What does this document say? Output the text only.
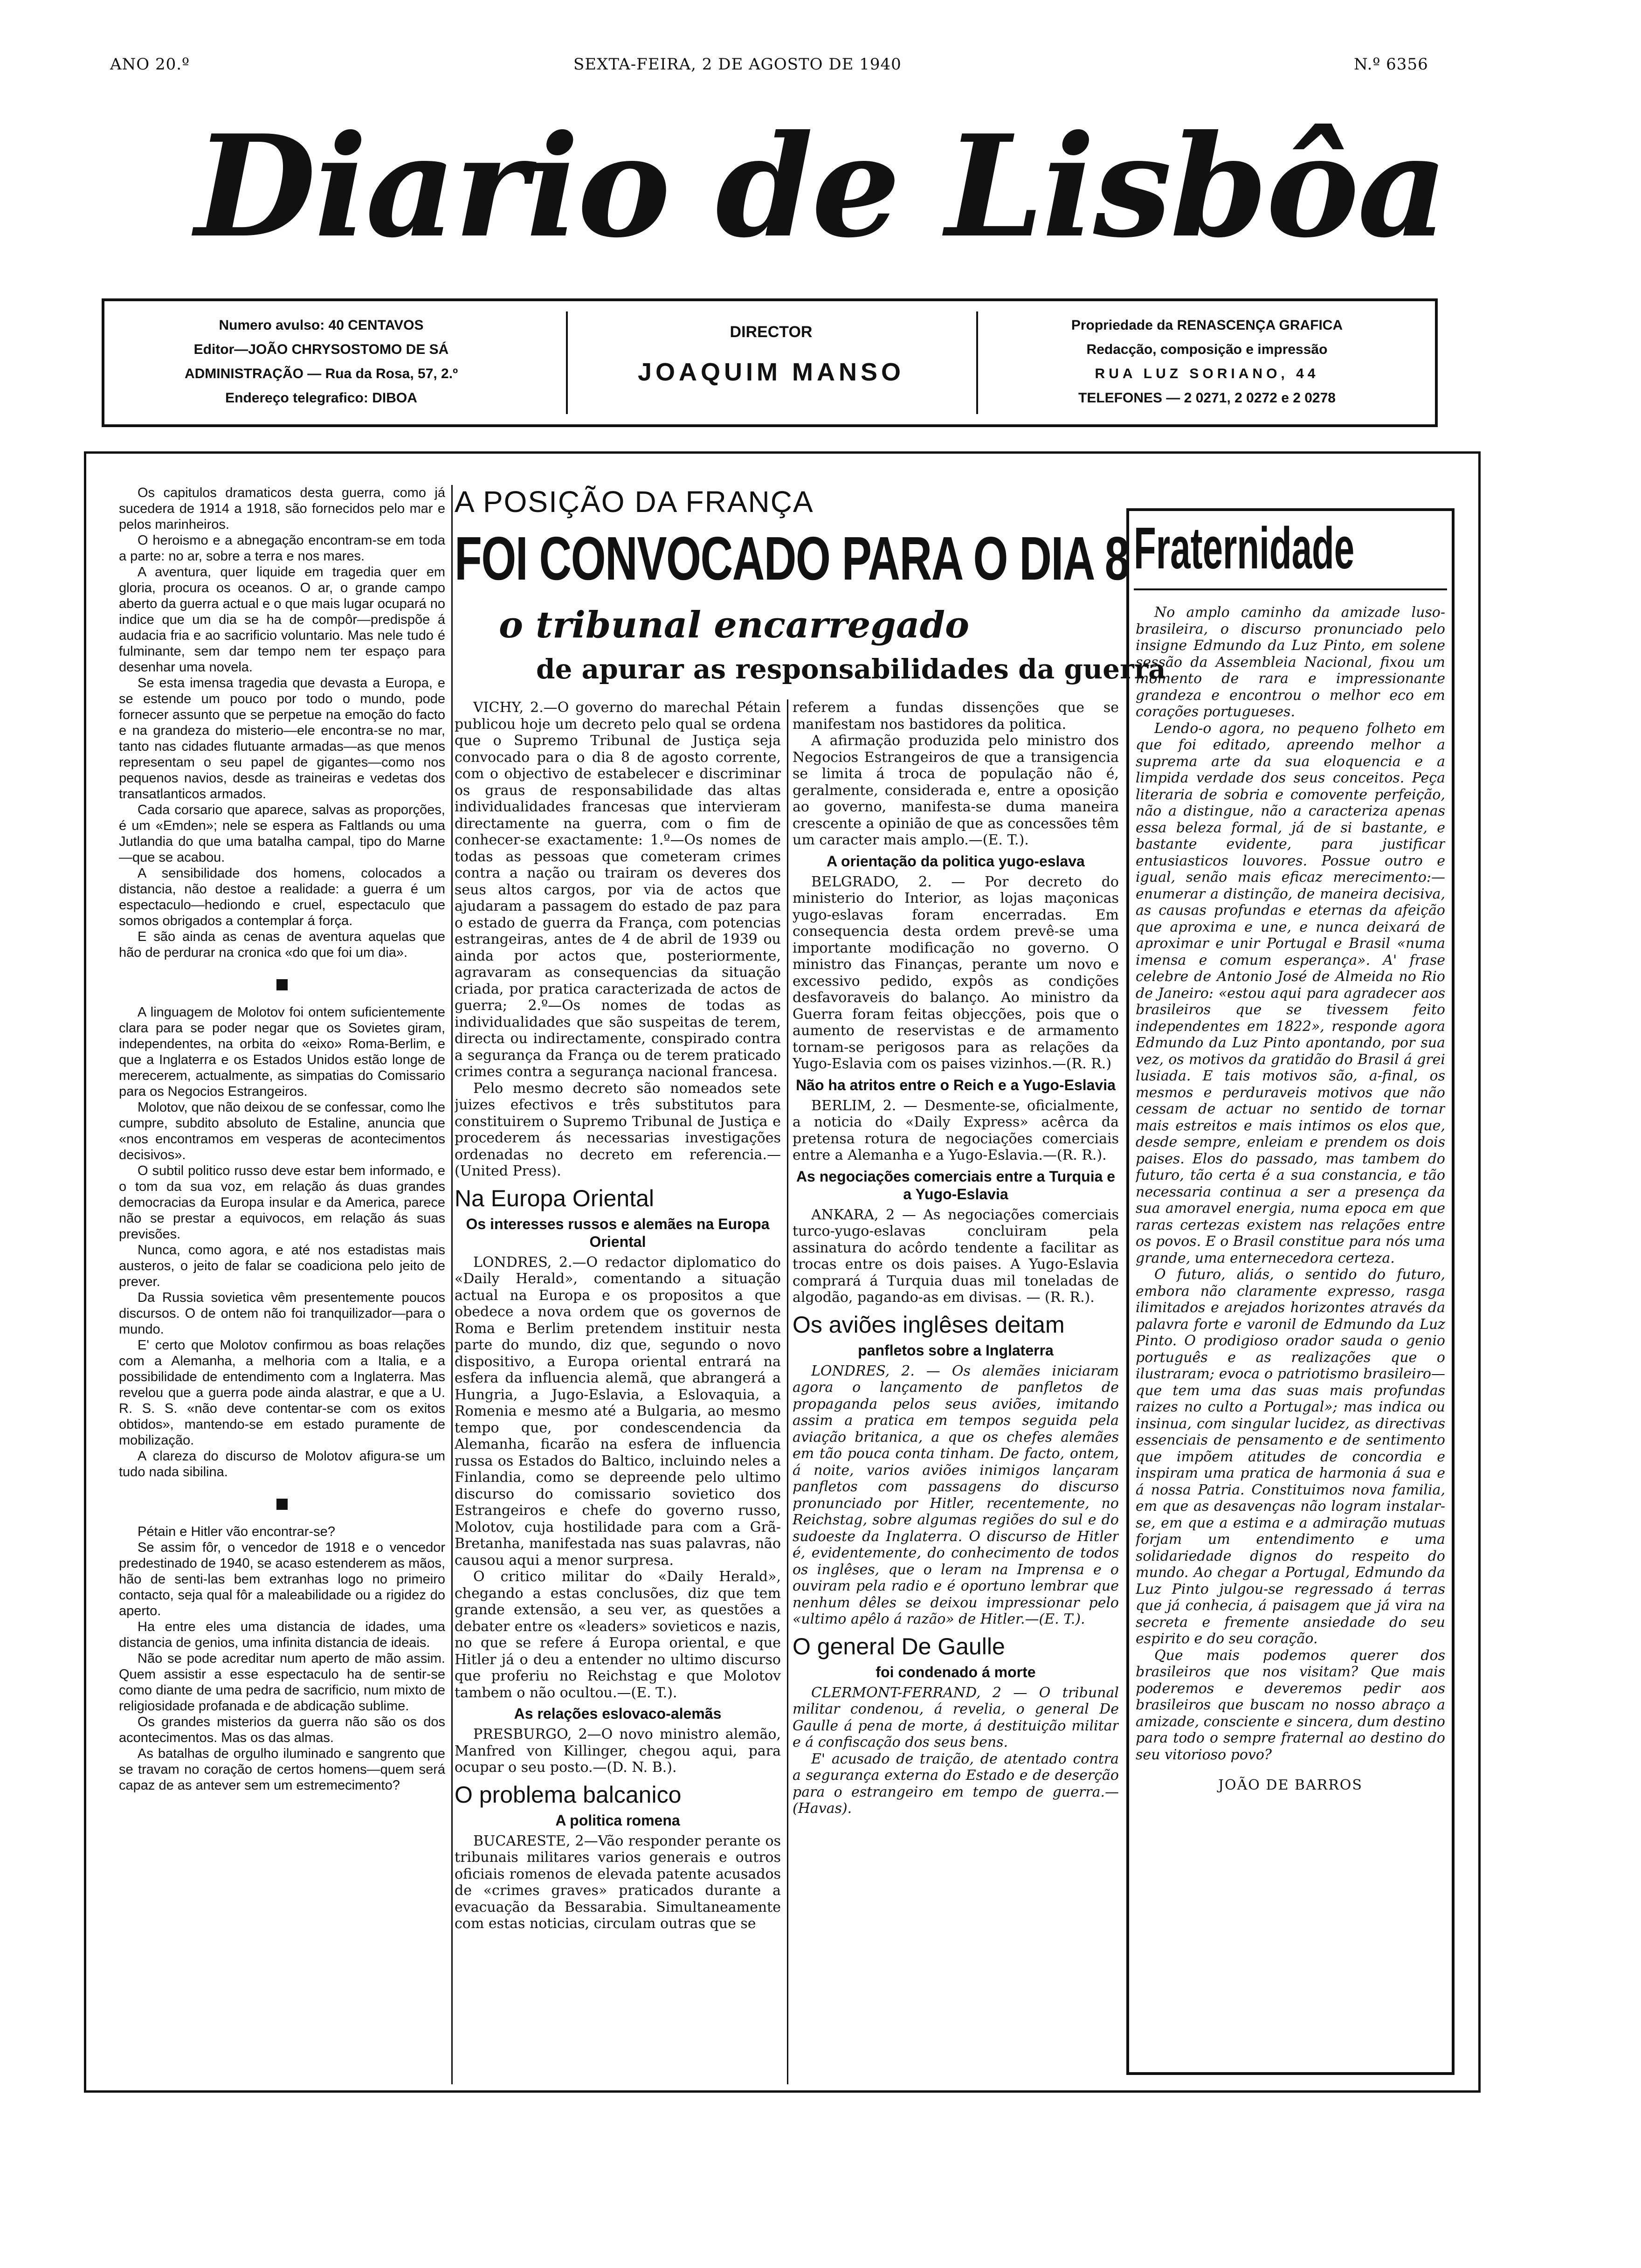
ANO 20.º	SEXTA-FEIRA, 2 DE AGOSTO DE 1940	N.º 6356
Diario de Lisbôa
Numero avulso: 40 CENTAVOS
Editor—JOÃO CHRYSOSTOMO DE SÁ
ADMINISTRAÇÃO — Rua da Rosa, 57, 2.º
Endereço telegrafico: DIBOA
DIRECTOR
JOAQUIM MANSO
Propriedade da RENASCENÇA GRAFICA
Redacção, composição e impressão
RUA LUZ SORIANO, 44
TELEFONES — 2 0271, 2 0272 e 2 0278

Os capitulos dramaticos desta guerra, como já sucedera de 1914 a 1918, são fornecidos pelo mar e pelos marinheiros.

O heroismo e a abnegação encontram-se em toda a parte: no ar, sobre a terra e nos mares.

A aventura, quer liquide em tragedia quer em gloria, procura os oceanos. O ar, o grande campo aberto da guerra actual e o que mais lugar ocupará no indice que um dia se ha de compôr—predispõe á audacia fria e ao sacrificio voluntario. Mas nele tudo é fulminante, sem dar tempo nem ter espaço para desenhar uma novela.

Se esta imensa tragedia que devasta a Europa, e se estende um pouco por todo o mundo, pode fornecer assunto que se perpetue na emoção do facto e na grandeza do misterio—ele encontra-se no mar, tanto nas cidades flutuante armadas—as que menos representam o seu papel de gigantes—como nos pequenos navios, desde as traineiras e vedetas dos transatlanticos armados.

Cada corsario que aparece, salvas as proporções, é um «Emden»; nele se espera as Faltlands ou uma Jutlandia do que uma batalha campal, tipo do Marne—que se acabou.

A sensibilidade dos homens, colocados a distancia, não destoe a realidade: a guerra é um espectaculo—hediondo e cruel, espectaculo que somos obrigados a contemplar á força.

E são ainda as cenas de aventura aquelas que hão de perdurar na cronica «do que foi um dia».

A linguagem de Molotov foi ontem suficientemente clara para se poder negar que os Sovietes giram, independentes, na orbita do «eixo» Roma-Berlim, e que a Inglaterra e os Estados Unidos estão longe de merecerem, actualmente, as simpatias do Comissario para os Negocios Estrangeiros.

Molotov, que não deixou de se confessar, como lhe cumpre, subdito absoluto de Estaline, anuncia que «nos encontramos em vesperas de acontecimentos decisivos».

O subtil politico russo deve estar bem informado, e o tom da sua voz, em relação ás duas grandes democracias da Europa insular e da America, parece não se prestar a equivocos, em relação ás suas previsões.

Nunca, como agora, e até nos estadistas mais austeros, o jeito de falar se coadiciona pelo jeito de prever.

Da Russia sovietica vêm presentemente poucos discursos. O de ontem não foi tranquilizador—para o mundo.

E' certo que Molotov confirmou as boas relações com a Alemanha, a melhoria com a Italia, e a possibilidade de entendimento com a Inglaterra. Mas revelou que a guerra pode ainda alastrar, e que a U. R. S. S. «não deve contentar-se com os exitos obtidos», mantendo-se em estado puramente de mobilização.

A clareza do discurso de Molotov afigura-se um tudo nada sibilina.

Pétain e Hitler vão encontrar-se?

Se assim fôr, o vencedor de 1918 e o vencedor predestinado de 1940, se acaso estenderem as mãos, hão de senti-las bem extranhas logo no primeiro contacto, seja qual fôr a maleabilidade ou a rigidez do aperto.

Ha entre eles uma distancia de idades, uma distancia de genios, uma infinita distancia de ideais.

Não se pode acreditar num aperto de mão assim. Quem assistir a esse espectaculo ha de sentir-se como diante de uma pedra de sacrificio, num mixto de religiosidade profanada e de abdicação sublime.

Os grandes misterios da guerra não são os dos acontecimentos. Mas os das almas.

As batalhas de orgulho iluminado e sangrento que se travam no coração de certos homens—quem será capaz de as antever sem um estremecimento?

A POSIÇÃO DA FRANÇA
FOI CONVOCADO PARA O DIA 8
o tribunal encarregado
de apurar as responsabilidades da guerra

VICHY, 2.—O governo do marechal Pétain publicou hoje um decreto pelo qual se ordena que o Supremo Tribunal de Justiça seja convocado para o dia 8 de agosto corrente, com o objectivo de estabelecer e discriminar os graus de responsabilidade das altas individualidades francesas que intervieram directamente na guerra, com o fim de conhecer-se exactamente: 1.º—Os nomes de todas as pessoas que cometeram crimes contra a nação ou trairam os deveres dos seus altos cargos, por via de actos que ajudaram a passagem do estado de paz para o estado de guerra da França, com potencias estrangeiras, antes de 4 de abril de 1939 ou ainda por actos que, posteriormente, agravaram as consequencias da situação criada, por pratica caracterizada de actos de guerra; 2.º—Os nomes de todas as individualidades que são suspeitas de terem, directa ou indirectamente, conspirado contra a segurança da França ou de terem praticado crimes contra a segurança nacional francesa.

Pelo mesmo decreto são nomeados sete juizes efectivos e três substitutos para constituirem o Supremo Tribunal de Justiça e procederem ás necessarias investigações ordenadas no decreto em referencia.—(United Press).

Na Europa Oriental
Os interesses russos e alemães na Europa Oriental

LONDRES, 2.—O redactor diplomatico do «Daily Herald», comentando a situação actual na Europa e os propositos a que obedece a nova ordem que os governos de Roma e Berlim pretendem instituir nesta parte do mundo, diz que, segundo o novo dispositivo, a Europa oriental entrará na esfera da influencia alemã, que abrangerá a Hungria, a Jugo-Eslavia, a Eslovaquia, a Romenia e mesmo até a Bulgaria, ao mesmo tempo que, por condescendencia da Alemanha, ficarão na esfera de influencia russa os Estados do Baltico, incluindo neles a Finlandia, como se depreende pelo ultimo discurso do comissario sovietico dos Estrangeiros e chefe do governo russo, Molotov, cuja hostilidade para com a Grã-Bretanha, manifestada nas suas palavras, não causou aqui a menor surpresa.

O critico militar do «Daily Herald», chegando a estas conclusões, diz que tem grande extensão, a seu ver, as questões a debater entre os «leaders» sovieticos e nazis, no que se refere á Europa oriental, e que Hitler já o deu a entender no ultimo discurso que proferiu no Reichstag e que Molotov tambem o não ocultou.—(E. T.).

As relações eslovaco-alemãs

PRESBURGO, 2—O novo ministro alemão, Manfred von Killinger, chegou aqui, para ocupar o seu posto.—(D. N. B.).

O problema balcanico
A politica romena

BUCARESTE, 2—Vão responder perante os tribunais militares varios generais e outros oficiais romenos de elevada patente acusados de «crimes graves» praticados durante a evacuação da Bessarabia. Simultaneamente com estas noticias, circulam outras que se

referem a fundas dissenções que se manifestam nos bastidores da politica.

A afirmação produzida pelo ministro dos Negocios Estrangeiros de que a transigencia se limita á troca de população não é, geralmente, considerada e, entre a oposição ao governo, manifesta-se duma maneira crescente a opinião de que as concessões têm um caracter mais amplo.—(E. T.).

A orientação da politica yugo-eslava

BELGRADO, 2. — Por decreto do ministerio do Interior, as lojas maçonicas yugo-eslavas foram encerradas. Em consequencia desta ordem prevê-se uma importante modificação no governo. O ministro das Finanças, perante um novo e excessivo pedido, expôs as condições desfavoraveis do balanço. Ao ministro da Guerra foram feitas objecções, pois que o aumento de reservistas e de armamento tornam-se perigosos para as relações da Yugo-Eslavia com os paises vizinhos.—(R. R.)

Não ha atritos entre o Reich e a Yugo-Eslavia

BERLIM, 2. — Desmente-se, oficialmente, a noticia do «Daily Express» acêrca da pretensa rotura de negociações comerciais entre a Alemanha e a Yugo-Eslavia.—(R. R.).

As negociações comerciais entre a Turquia e a Yugo-Eslavia

ANKARA, 2 — As negociações comerciais turco-yugo-eslavas concluiram pela assinatura do acôrdo tendente a facilitar as trocas entre os dois paises. A Yugo-Eslavia comprará á Turquia duas mil toneladas de algodão, pagando-as em divisas. — (R. R.).

Os aviões inglêses deitam
panfletos sobre a Inglaterra

LONDRES, 2. — Os alemães iniciaram agora o lançamento de panfletos de propaganda pelos seus aviões, imitando assim a pratica em tempos seguida pela aviação britanica, a que os chefes alemães em tão pouca conta tinham. De facto, ontem, á noite, varios aviões inimigos lançaram panfletos com passagens do discurso pronunciado por Hitler, recentemente, no Reichstag, sobre algumas regiões do sul e do sudoeste da Inglaterra. O discurso de Hitler é, evidentemente, do conhecimento de todos os inglêses, que o leram na Imprensa e o ouviram pela radio e é oportuno lembrar que nenhum dêles se deixou impressionar pelo «ultimo apêlo á razão» de Hitler.—(E. T.).

O general De Gaulle
foi condenado á morte

CLERMONT-FERRAND, 2 — O tribunal militar condenou, á revelia, o general De Gaulle á pena de morte, á destituição militar e á confiscação dos seus bens.

E' acusado de traição, de atentado contra a segurança externa do Estado e de deserção para o estrangeiro em tempo de guerra.—(Havas).

Fraternidade

No amplo caminho da amizade luso-brasileira, o discurso pronunciado pelo insigne Edmundo da Luz Pinto, em solene sessão da Assembleia Nacional, fixou um momento de rara e impressionante grandeza e encontrou o melhor eco em corações portugueses.

Lendo-o agora, no pequeno folheto em que foi editado, apreendo melhor a suprema arte da sua eloquencia e a limpida verdade dos seus conceitos. Peça literaria de sobria e comovente perfeição, não a distingue, não a caracteriza apenas essa beleza formal, já de si bastante, e bastante evidente, para justificar entusiasticos louvores. Possue outro e igual, senão mais eficaz merecimento:—enumerar a distinção, de maneira decisiva, as causas profundas e eternas da afeição que aproxima e une, e nunca deixará de aproximar e unir Portugal e Brasil «numa imensa e comum esperança». A' frase celebre de Antonio José de Almeida no Rio de Janeiro: «estou aqui para agradecer aos brasileiros que se tivessem feito independentes em 1822», responde agora Edmundo da Luz Pinto apontando, por sua vez, os motivos da gratidão do Brasil á grei lusiada. E tais motivos são, a-final, os mesmos e perduraveis motivos que não cessam de actuar no sentido de tornar mais estreitos e mais intimos os elos que, desde sempre, enleiam e prendem os dois paises. Elos do passado, mas tambem do futuro, tão certa é a sua constancia, e tão necessaria continua a ser a presença da sua amoravel energia, numa epoca em que raras certezas existem nas relações entre os povos. E o Brasil constitue para nós uma grande, uma enternecedora certeza.

O futuro, aliás, o sentido do futuro, embora não claramente expresso, rasga ilimitados e arejados horizontes através da palavra forte e varonil de Edmundo da Luz Pinto. O prodigioso orador sauda o genio português e as realizações que o ilustraram; evoca o patriotismo brasileiro—que tem uma das suas mais profundas raizes no culto a Portugal»; mas indica ou insinua, com singular lucidez, as directivas essenciais de pensamento e de sentimento que impõem atitudes de concordia e inspiram uma pratica de harmonia á sua e á nossa Patria. Constituimos nova familia, em que as desavenças não logram instalar-se, em que a estima e a admiração mutuas forjam um entendimento e uma solidariedade dignos do respeito do mundo. Ao chegar a Portugal, Edmundo da Luz Pinto julgou-se regressado á terras que já conhecia, á paisagem que já vira na secreta e fremente ansiedade do seu espirito e do seu coração.

Que mais podemos querer dos brasileiros que nos visitam? Que mais poderemos e deveremos pedir aos brasileiros que buscam no nosso abraço a amizade, consciente e sincera, dum destino para todo o sempre fraternal ao destino do seu vitorioso povo?

JOÃO DE BARROS
